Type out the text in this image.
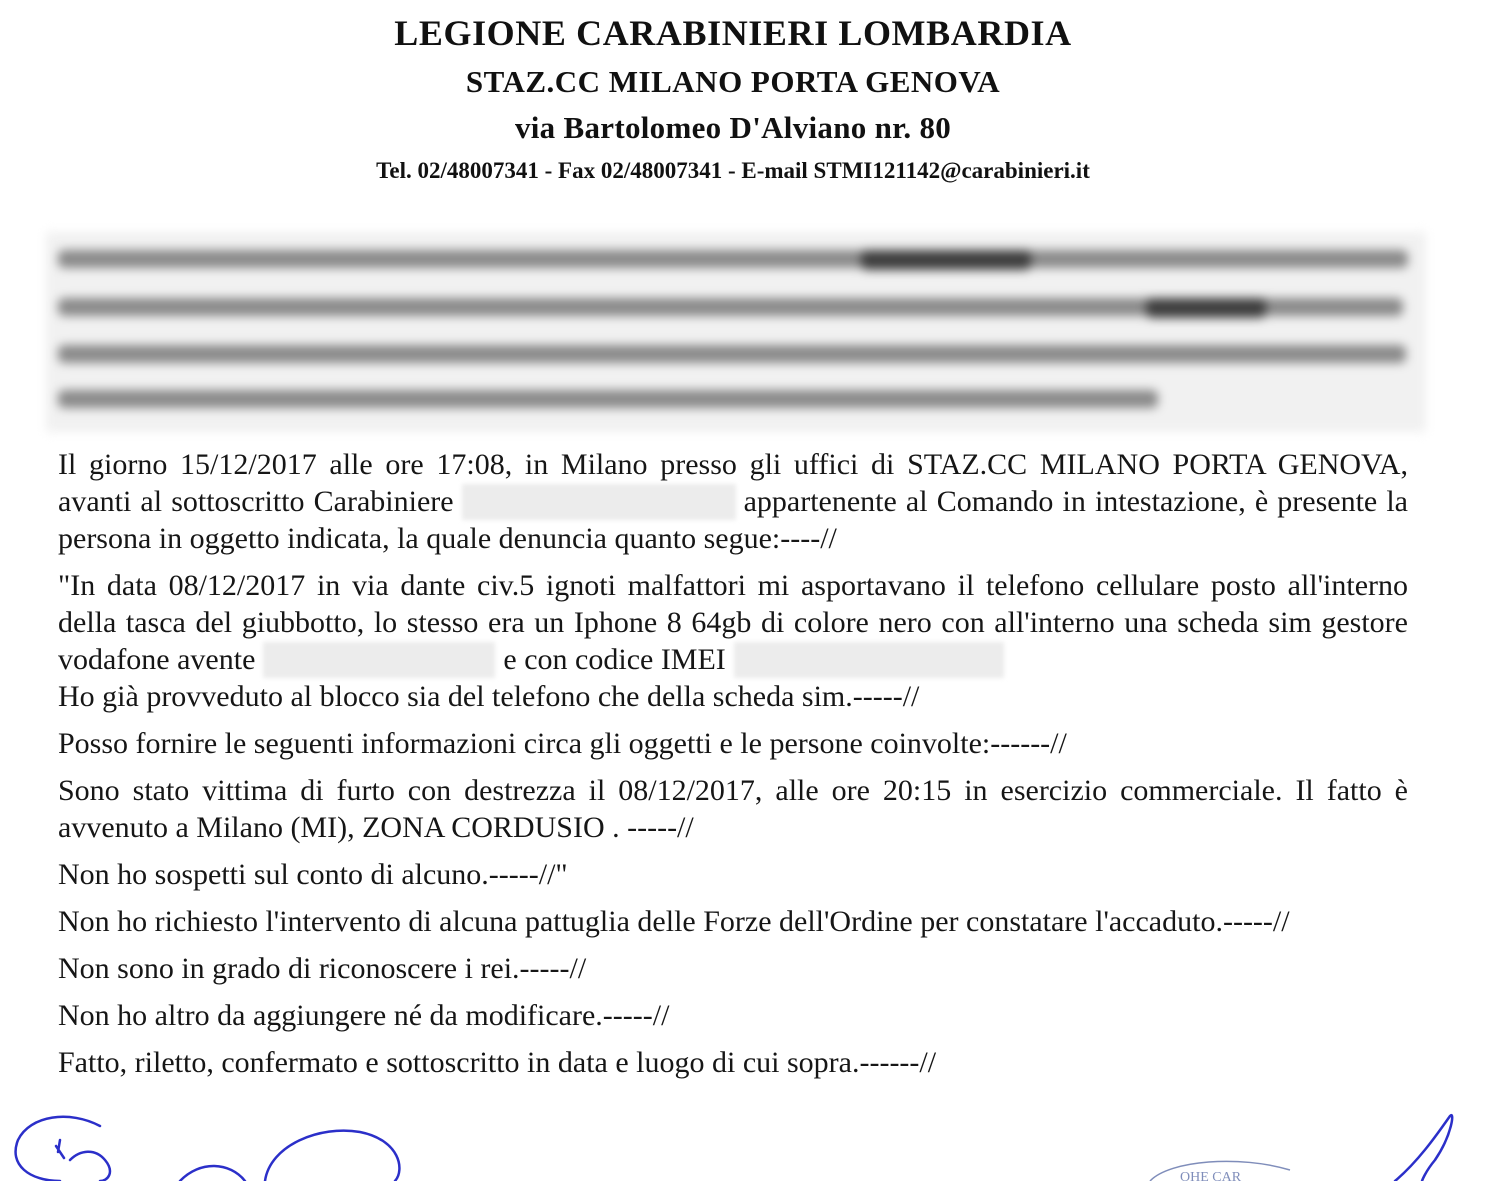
LEGIONE CARABINIERI LOMBARDIA
STAZ.CC MILANO PORTA GENOVA
via Bartolomeo D'Alviano nr. 80
Tel. 02/48007341 - Fax 02/48007341 - E-mail STMI121142@carabinieri.it
Il giorno 15/12/2017 alle ore 17:08, in Milano presso gli uffici di STAZ.CC MILANO PORTA GENOVA, avanti al sottoscritto Carabiniere	appartenente al Comando in intestazione, è presente la persona in oggetto indicata, la quale denuncia quanto segue:----//
"In data 08/12/2017 in via dante civ.5 ignoti malfattori mi asportavano il telefono cellulare posto all'interno della tasca del giubbotto, lo stesso era un Iphone 8 64gb di colore nero con all'interno una scheda sim gestore vodafone avente	e con codice IMEI
Ho già provveduto al blocco sia del telefono che della scheda sim.-----//
Posso fornire le seguenti informazioni circa gli oggetti e le persone coinvolte:------//
Sono stato vittima di furto con destrezza il 08/12/2017, alle ore 20:15 in esercizio commerciale. Il fatto è avvenuto a Milano (MI), ZONA CORDUSIO . -----//
Non ho sospetti sul conto di alcuno.-----//"
Non ho richiesto l'intervento di alcuna pattuglia delle Forze dell'Ordine per constatare l'accaduto.-----//
Non sono in grado di riconoscere i rei.-----//
Non ho altro da aggiungere né da modificare.-----//
Fatto, riletto, confermato e sottoscritto in data e luogo di cui sopra.------//
OHE CAR
